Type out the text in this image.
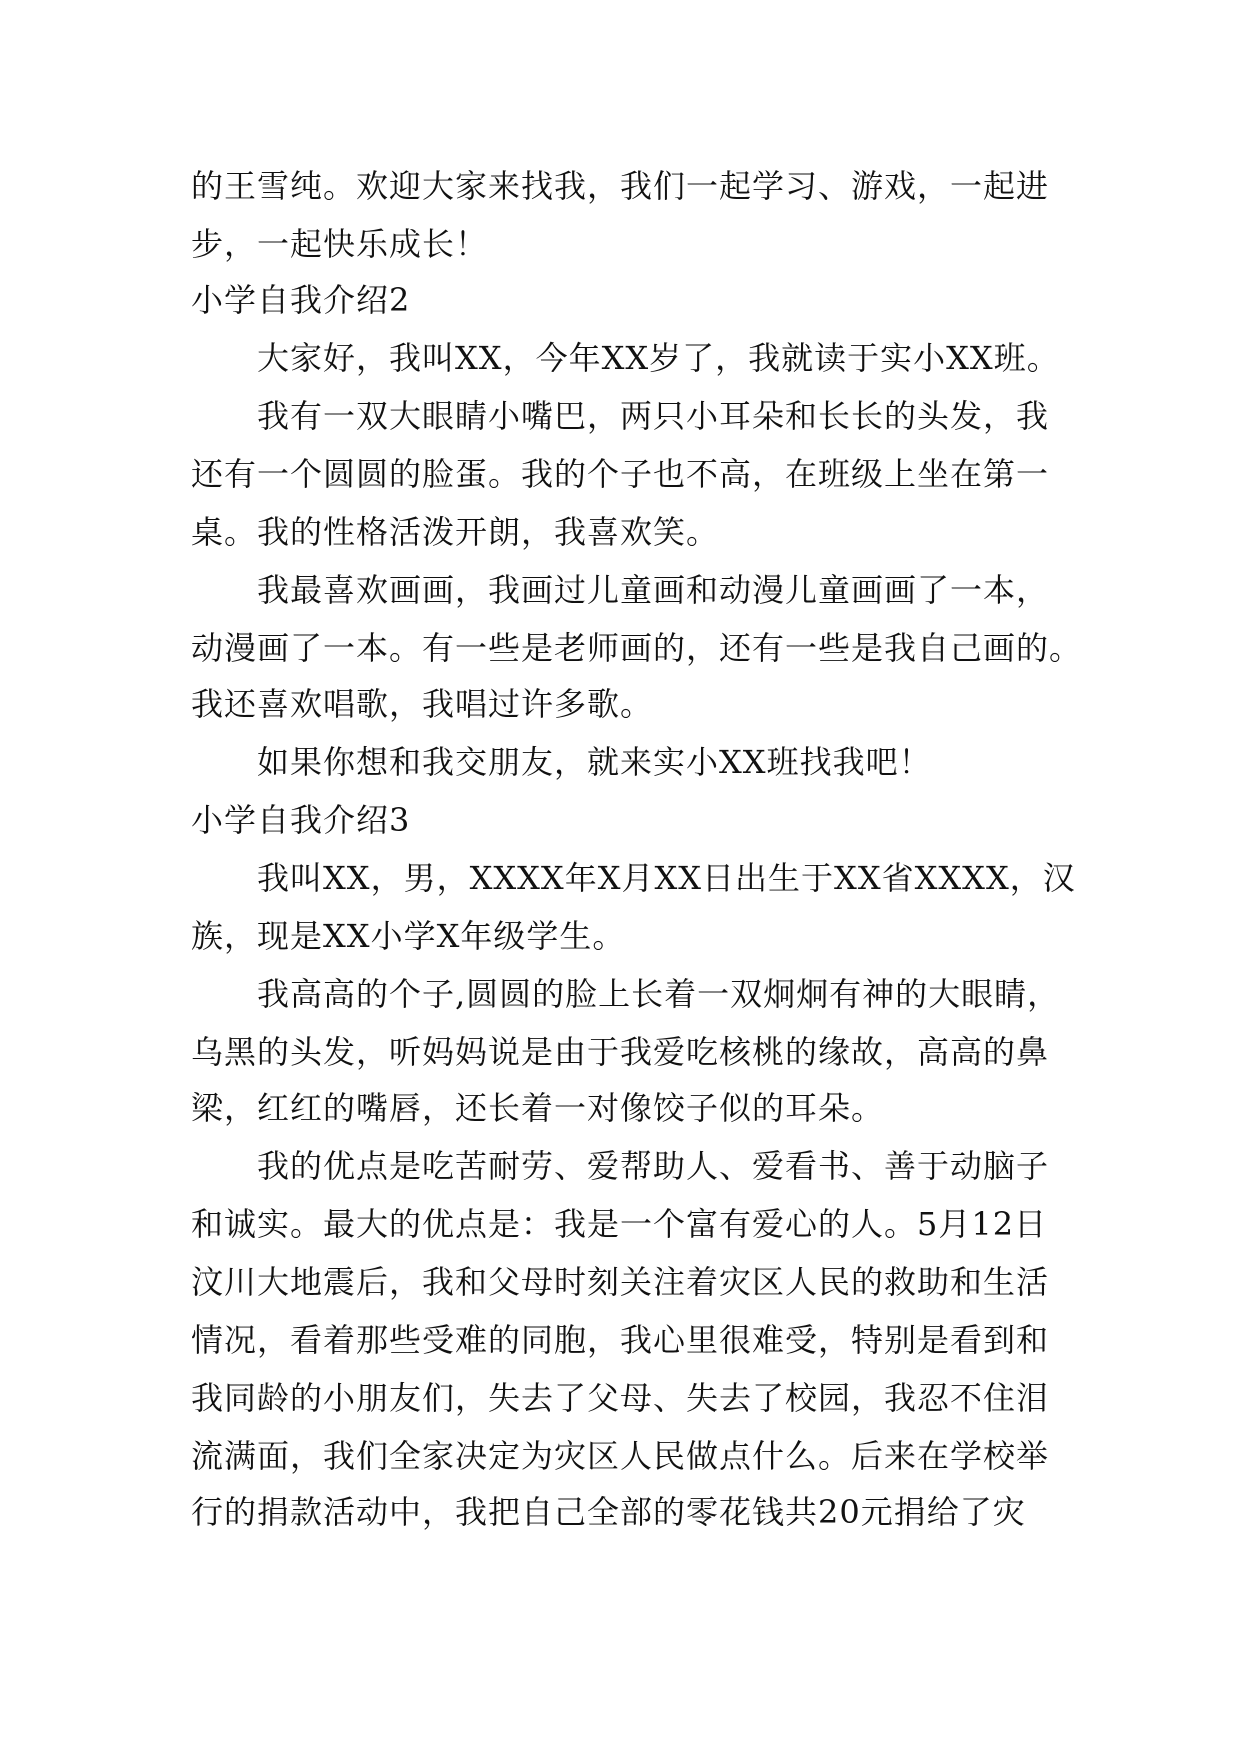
的王雪纯。欢迎大家来找我，我们一起学习、游戏，一起进
步，一起快乐成长！
小学自我介绍2
大家好，我叫XX，今年XX岁了，我就读于实小XX班。
我有一双大眼睛小嘴巴，两只小耳朵和长长的头发，我
还有一个圆圆的脸蛋。我的个子也不高，在班级上坐在第一
桌。我的性格活泼开朗，我喜欢笑。
我最喜欢画画，我画过儿童画和动漫儿童画画了一本，
动漫画了一本。有一些是老师画的，还有一些是我自己画的。
我还喜欢唱歌，我唱过许多歌。
如果你想和我交朋友，就来实小XX班找我吧！
小学自我介绍3
我叫XX，男，XXXX年X月XX日出生于XX省XXXX，汉
族，现是XX小学X年级学生。
我高高的个子,圆圆的脸上长着一双炯炯有神的大眼睛，
乌黑的头发，听妈妈说是由于我爱吃核桃的缘故，高高的鼻
梁，红红的嘴唇，还长着一对像饺子似的耳朵。
我的优点是吃苦耐劳、爱帮助人、爱看书、善于动脑子
和诚实。最大的优点是：我是一个富有爱心的人。5月12日
汶川大地震后，我和父母时刻关注着灾区人民的救助和生活
情况，看着那些受难的同胞，我心里很难受，特别是看到和
我同龄的小朋友们，失去了父母、失去了校园，我忍不住泪
流满面，我们全家决定为灾区人民做点什么。后来在学校举
行的捐款活动中，我把自己全部的零花钱共20元捐给了灾
